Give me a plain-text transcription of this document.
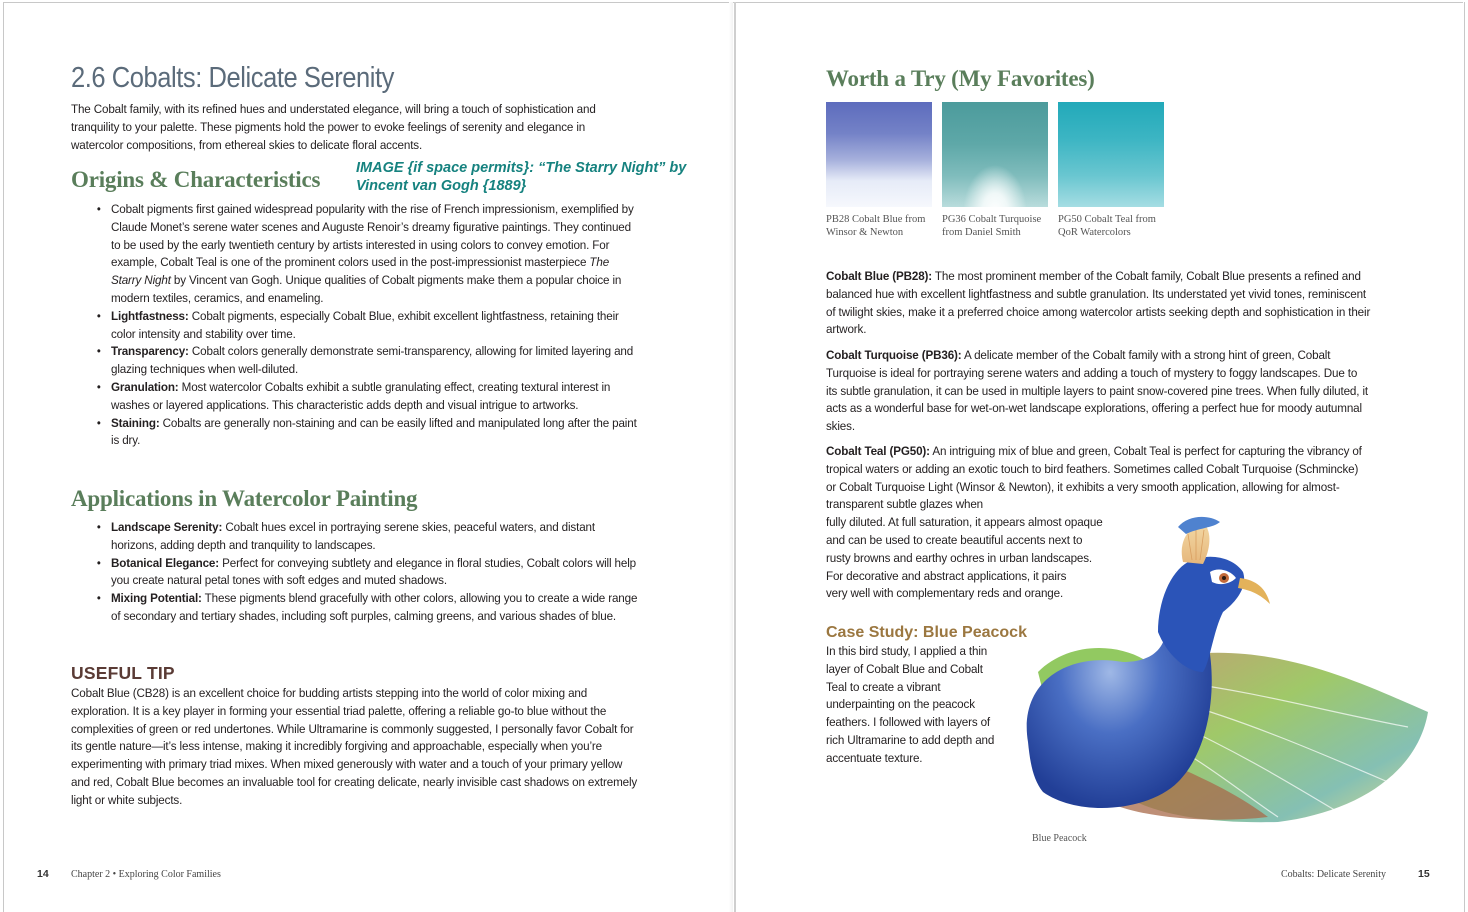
2.6 Cobalts: Delicate Serenity

The Cobalt family, with its refined hues and understated elegance, will bring a touch of sophistication and tranquility to your palette. These pigments hold the power to evoke feelings of serenity and elegance in watercolor compositions, from ethereal skies to delicate floral accents.

Origins & Characteristics IMAGE {if space permits}: “The Starry Night” by Vincent van Gogh {1889}
• Cobalt pigments first gained widespread popularity with the rise of French impressionism, exemplified by Claude Monet’s serene water scenes and Auguste Renoir’s dreamy figurative paintings. They continued to be used by the early twentieth century by artists interested in using colors to convey emotion. For example, Cobalt Teal is one of the prominent colors used in the post-impressionist masterpiece The Starry Night by Vincent van Gogh. Unique qualities of Cobalt pigments make them a popular choice in modern textiles, ceramics, and enameling.
• Lightfastness: Cobalt pigments, especially Cobalt Blue, exhibit excellent lightfastness, retaining their color intensity and stability over time.
• Transparency: Cobalt colors generally demonstrate semi-transparency, allowing for limited layering and glazing techniques when well-diluted.
• Granulation: Most watercolor Cobalts exhibit a subtle granulating effect, creating textural interest in washes or layered applications. This characteristic adds depth and visual intrigue to artworks.
• Staining: Cobalts are generally non-staining and can be easily lifted and manipulated long after the paint is dry.
Applications in Watercolor Painting
• Landscape Serenity: Cobalt hues excel in portraying serene skies, peaceful waters, and distant horizons, adding depth and tranquility to landscapes.
• Botanical Elegance: Perfect for conveying subtlety and elegance in floral studies, Cobalt colors will help you create natural petal tones with soft edges and muted shadows.
• Mixing Potential: These pigments blend gracefully with other colors, allowing you to create a wide range of secondary and tertiary shades, including soft purples, calming greens, and various shades of blue.
USEFUL TIP

Cobalt Blue (CB28) is an excellent choice for budding artists stepping into the world of color mixing and exploration. It is a key player in forming your essential triad palette, offering a reliable go-to blue without the complexities of green or red undertones. While Ultramarine is commonly suggested, I personally favor Cobalt for its gentle nature—it’s less intense, making it incredibly forgiving and approachable, especially when you’re experimenting with primary triad mixes. When mixed generously with water and a touch of your primary yellow and red, Cobalt Blue becomes an invaluable tool for creating delicate, nearly invisible cast shadows on extremely light or white subjects.

14 Chapter 2 • Exploring Color Families
Worth a Try (My Favorites)
PB28 Cobalt Blue from Winsor & Newton
PG36 Cobalt Turquoise from Daniel Smith
PG50 Cobalt Teal from QoR Watercolors

Cobalt Blue (PB28): The most prominent member of the Cobalt family, Cobalt Blue presents a refined and balanced hue with excellent lightfastness and subtle granulation. Its understated yet vivid tones, reminiscent of twilight skies, make it a preferred choice among watercolor artists seeking depth and sophistication in their artwork.

Cobalt Turquoise (PB36): A delicate member of the Cobalt family with a strong hint of green, Cobalt Turquoise is ideal for portraying serene waters and adding a touch of mystery to foggy landscapes. Due to its subtle granulation, it can be used in multiple layers to paint snow-covered pine trees. When fully diluted, it acts as a wonderful base for wet-on-wet landscape explorations, offering a perfect hue for moody autumnal skies.

Cobalt Teal (PG50): An intriguing mix of blue and green, Cobalt Teal is perfect for capturing the vibrancy of tropical waters or adding an exotic touch to bird feathers. Sometimes called Cobalt Turquoise (Schmincke) or Cobalt Turquoise Light (Winsor & Newton), it exhibits a very smooth application, allowing for almost-transparent subtle glazes when

fully diluted. At full saturation, it appears almost opaque
and can be used to create beautiful accents next to
rusty browns and earthy ochres in urban landscapes.
For decorative and abstract applications, it pairs
very well with complementary reds and orange.
Case Study: Blue Peacock

In this bird study, I applied a thin layer of Cobalt Blue and Cobalt Teal to create a vibrant underpainting on the peacock feathers. I followed with layers of rich Ultramarine to add depth and accentuate texture.

Blue Peacock
Cobalts: Delicate Serenity	15
